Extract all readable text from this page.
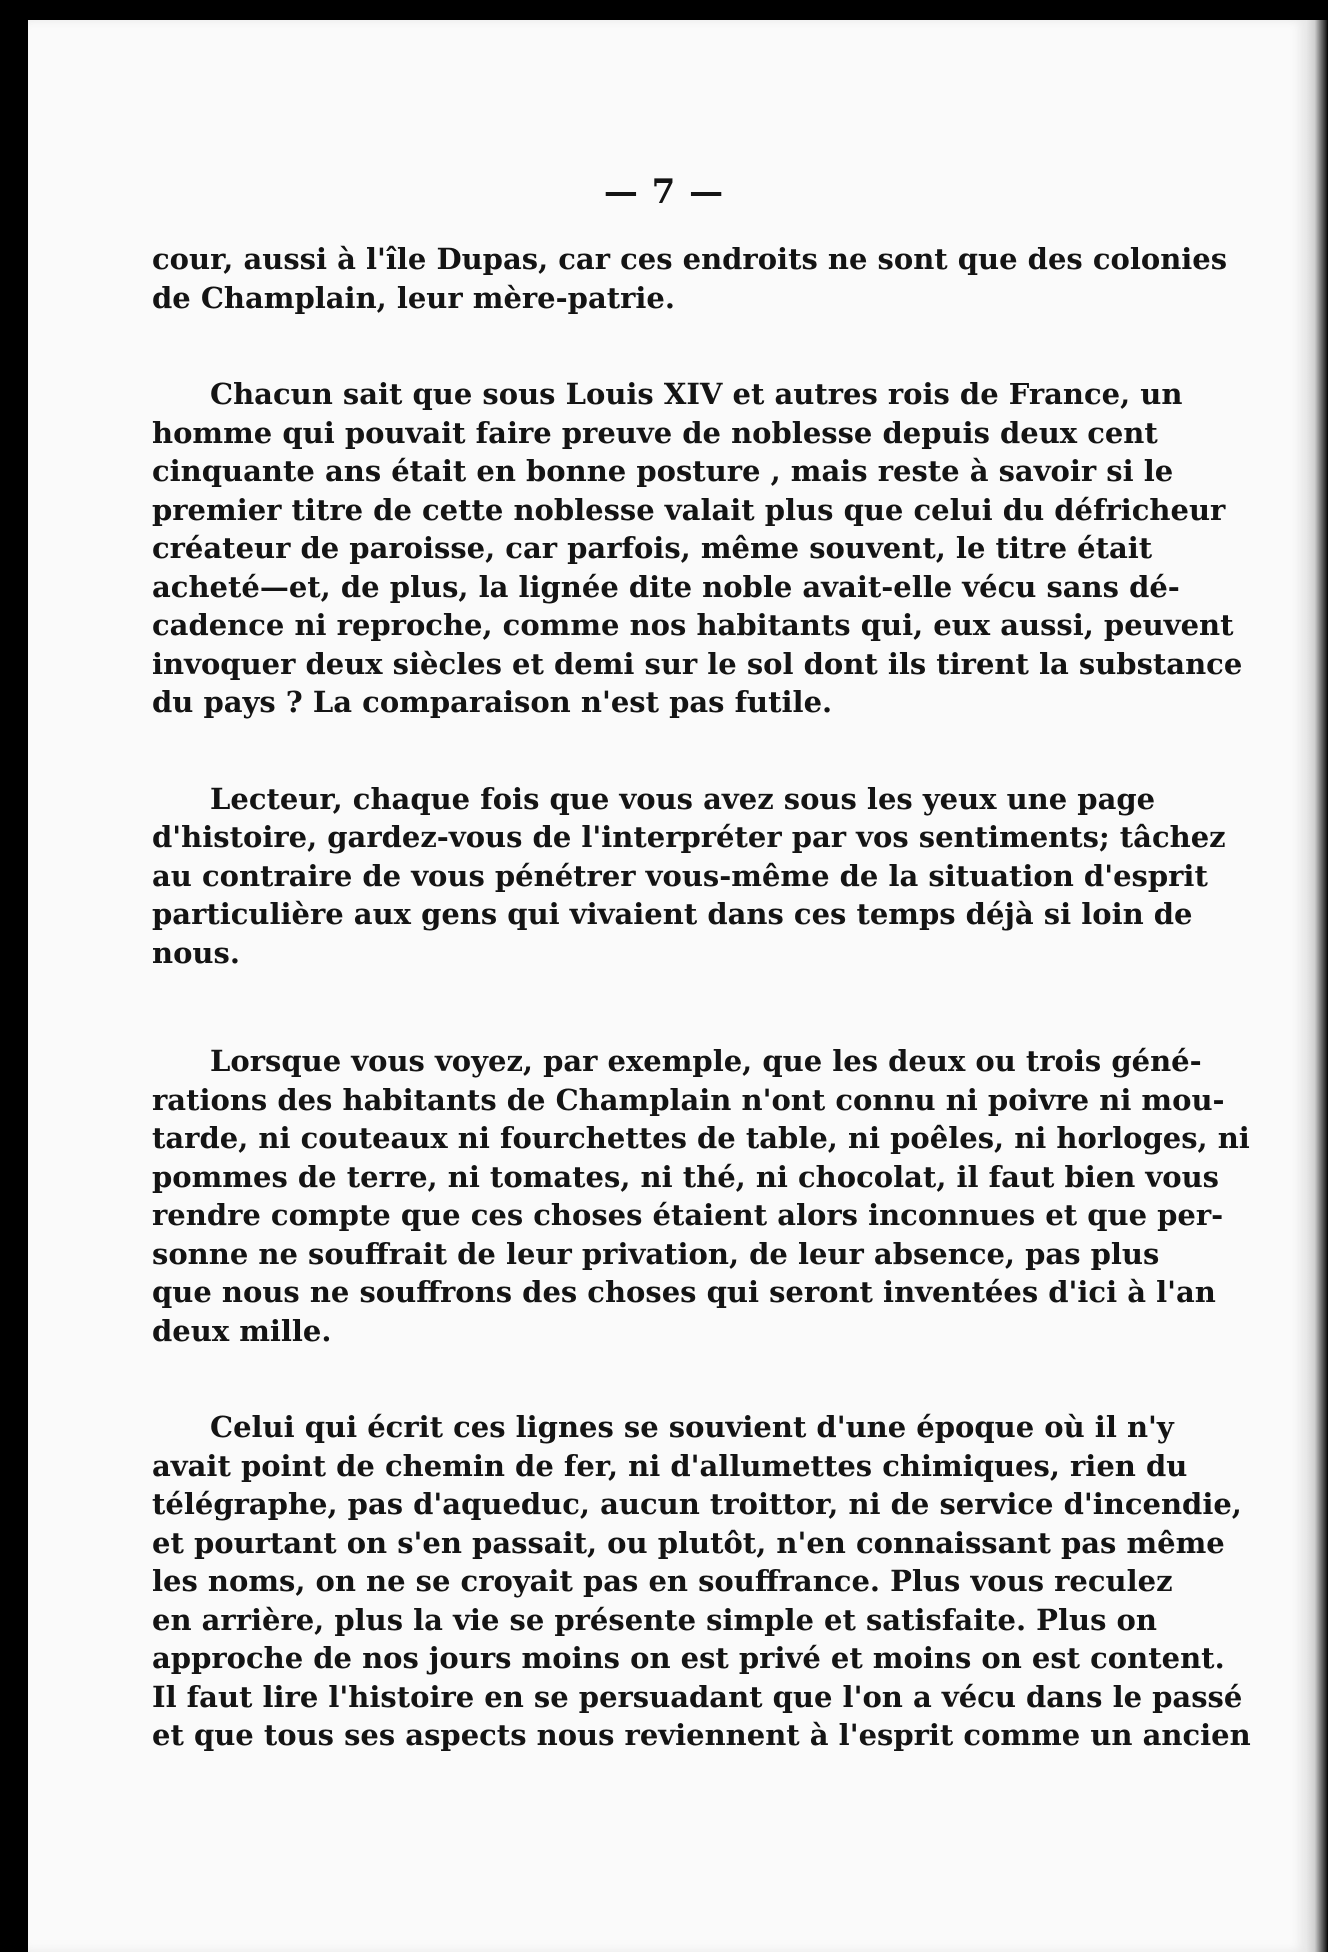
— 7 —

cour, aussi à l'île Dupas, car ces endroits ne sont que des colonies
de Champlain, leur mère-patrie.

Chacun sait que sous Louis XIV et autres rois de France, un
homme qui pouvait faire preuve de noblesse depuis deux cent
cinquante ans était en bonne posture , mais reste à savoir si le
premier titre de cette noblesse valait plus que celui du défricheur
créateur de paroisse, car parfois, même souvent, le titre était
acheté—et, de plus, la lignée dite noble avait-elle vécu sans dé-
cadence ni reproche, comme nos habitants qui, eux aussi, peuvent
invoquer deux siècles et demi sur le sol dont ils tirent la substance
du pays ? La comparaison n'est pas futile.

Lecteur, chaque fois que vous avez sous les yeux une page
d'histoire, gardez-vous de l'interpréter par vos sentiments; tâchez
au contraire de vous pénétrer vous-même de la situation d'esprit
particulière aux gens qui vivaient dans ces temps déjà si loin de
nous.

Lorsque vous voyez, par exemple, que les deux ou trois géné-
rations des habitants de Champlain n'ont connu ni poivre ni mou-
tarde, ni couteaux ni fourchettes de table, ni poêles, ni horloges, ni
pommes de terre, ni tomates, ni thé, ni chocolat, il faut bien vous
rendre compte que ces choses étaient alors inconnues et que per-
sonne ne souffrait de leur privation, de leur absence, pas plus
que nous ne souffrons des choses qui seront inventées d'ici à l'an
deux mille.

Celui qui écrit ces lignes se souvient d'une époque où il n'y
avait point de chemin de fer, ni d'allumettes chimiques, rien du
télégraphe, pas d'aqueduc, aucun troittor, ni de service d'incendie,
et pourtant on s'en passait, ou plutôt, n'en connaissant pas même
les noms, on ne se croyait pas en souffrance. Plus vous reculez
en arrière, plus la vie se présente simple et satisfaite. Plus on
approche de nos jours moins on est privé et moins on est content.
Il faut lire l'histoire en se persuadant que l'on a vécu dans le passé
et que tous ses aspects nous reviennent à l'esprit comme un ancien
